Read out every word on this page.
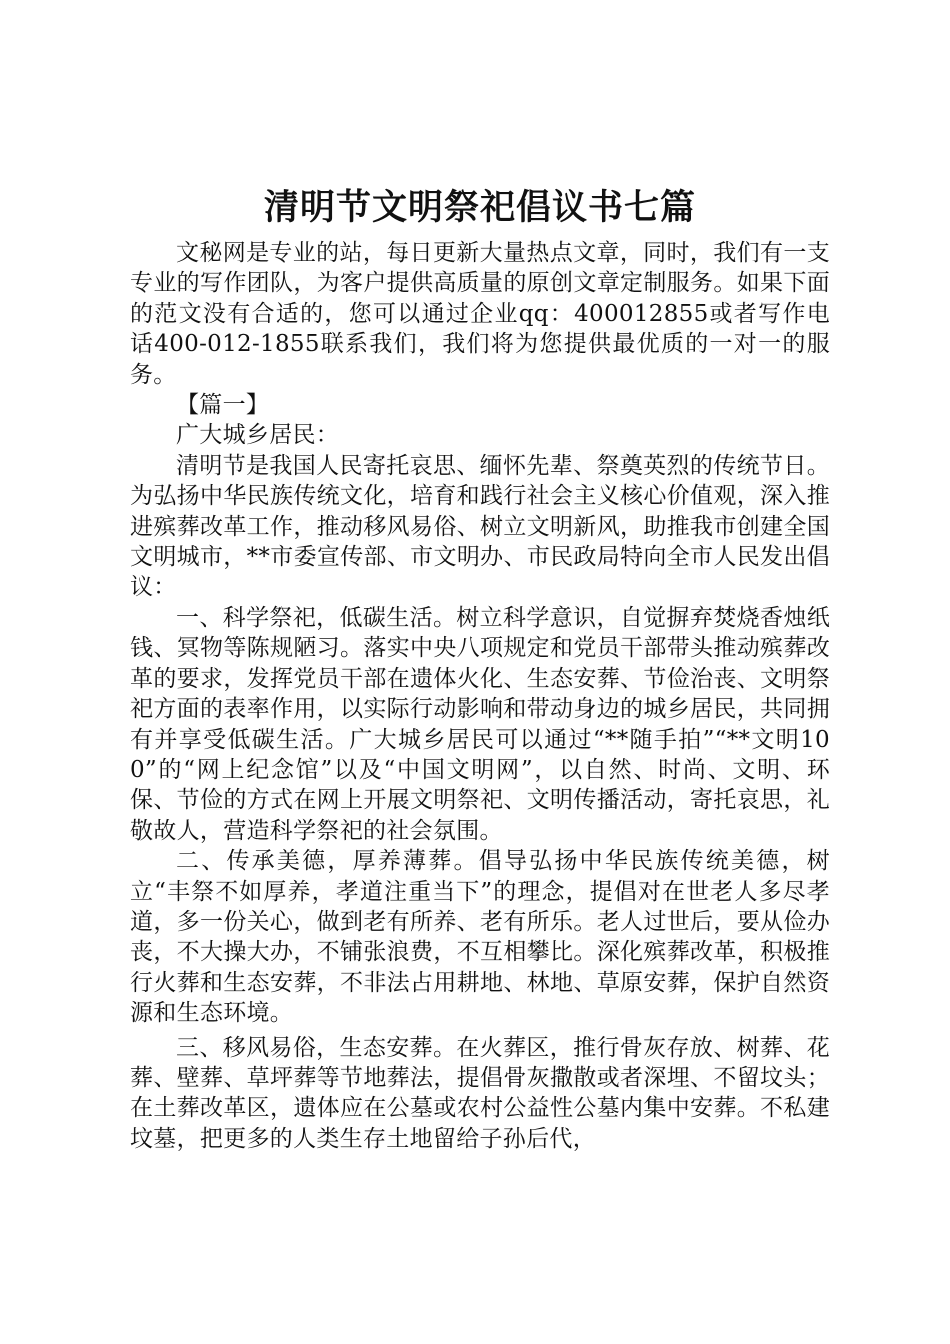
清明节文明祭祀倡议书七篇

文秘网是专业的站，每日更新大量热点文章，同时，我们有一支专业的写作团队，为客户提供高质量的原创文章定制服务。如果下面的范文没有合适的，您可以通过企业qq：400012855或者写作电话400-012-1855联系我们，我们将为您提供最优质的一对一的服务。

【篇一】

广大城乡居民：

清明节是我国人民寄托哀思、缅怀先辈、祭奠英烈的传统节日。为弘扬中华民族传统文化，培育和践行社会主义核心价值观，深入推进殡葬改革工作，推动移风易俗、树立文明新风，助推我市创建全国文明城市，**市委宣传部、市文明办、市民政局特向全市人民发出倡议：

一、科学祭祀，低碳生活。树立科学意识，自觉摒弃焚烧香烛纸钱、冥物等陈规陋习。落实中央八项规定和党员干部带头推动殡葬改革的要求，发挥党员干部在遗体火化、生态安葬、节俭治丧、文明祭祀方面的表率作用，以实际行动影响和带动身边的城乡居民，共同拥有并享受低碳生活。广大城乡居民可以通过“**随手拍”“**文明100”的“网上纪念馆”以及“中国文明网”，以自然、时尚、文明、环保、节俭的方式在网上开展文明祭祀、文明传播活动，寄托哀思，礼敬故人，营造科学祭祀的社会氛围。

二、传承美德，厚养薄葬。倡导弘扬中华民族传统美德，树立“丰祭不如厚养，孝道注重当下”的理念，提倡对在世老人多尽孝道，多一份关心，做到老有所养、老有所乐。老人过世后，要从俭办丧，不大操大办，不铺张浪费，不互相攀比。深化殡葬改革，积极推行火葬和生态安葬，不非法占用耕地、林地、草原安葬，保护自然资源和生态环境。

三、移风易俗，生态安葬。在火葬区，推行骨灰存放、树葬、花葬、壁葬、草坪葬等节地葬法，提倡骨灰撒散或者深埋、不留坟头；在土葬改革区，遗体应在公墓或农村公益性公墓内集中安葬。不私建坟墓，把更多的人类生存土地留给子孙后代，
